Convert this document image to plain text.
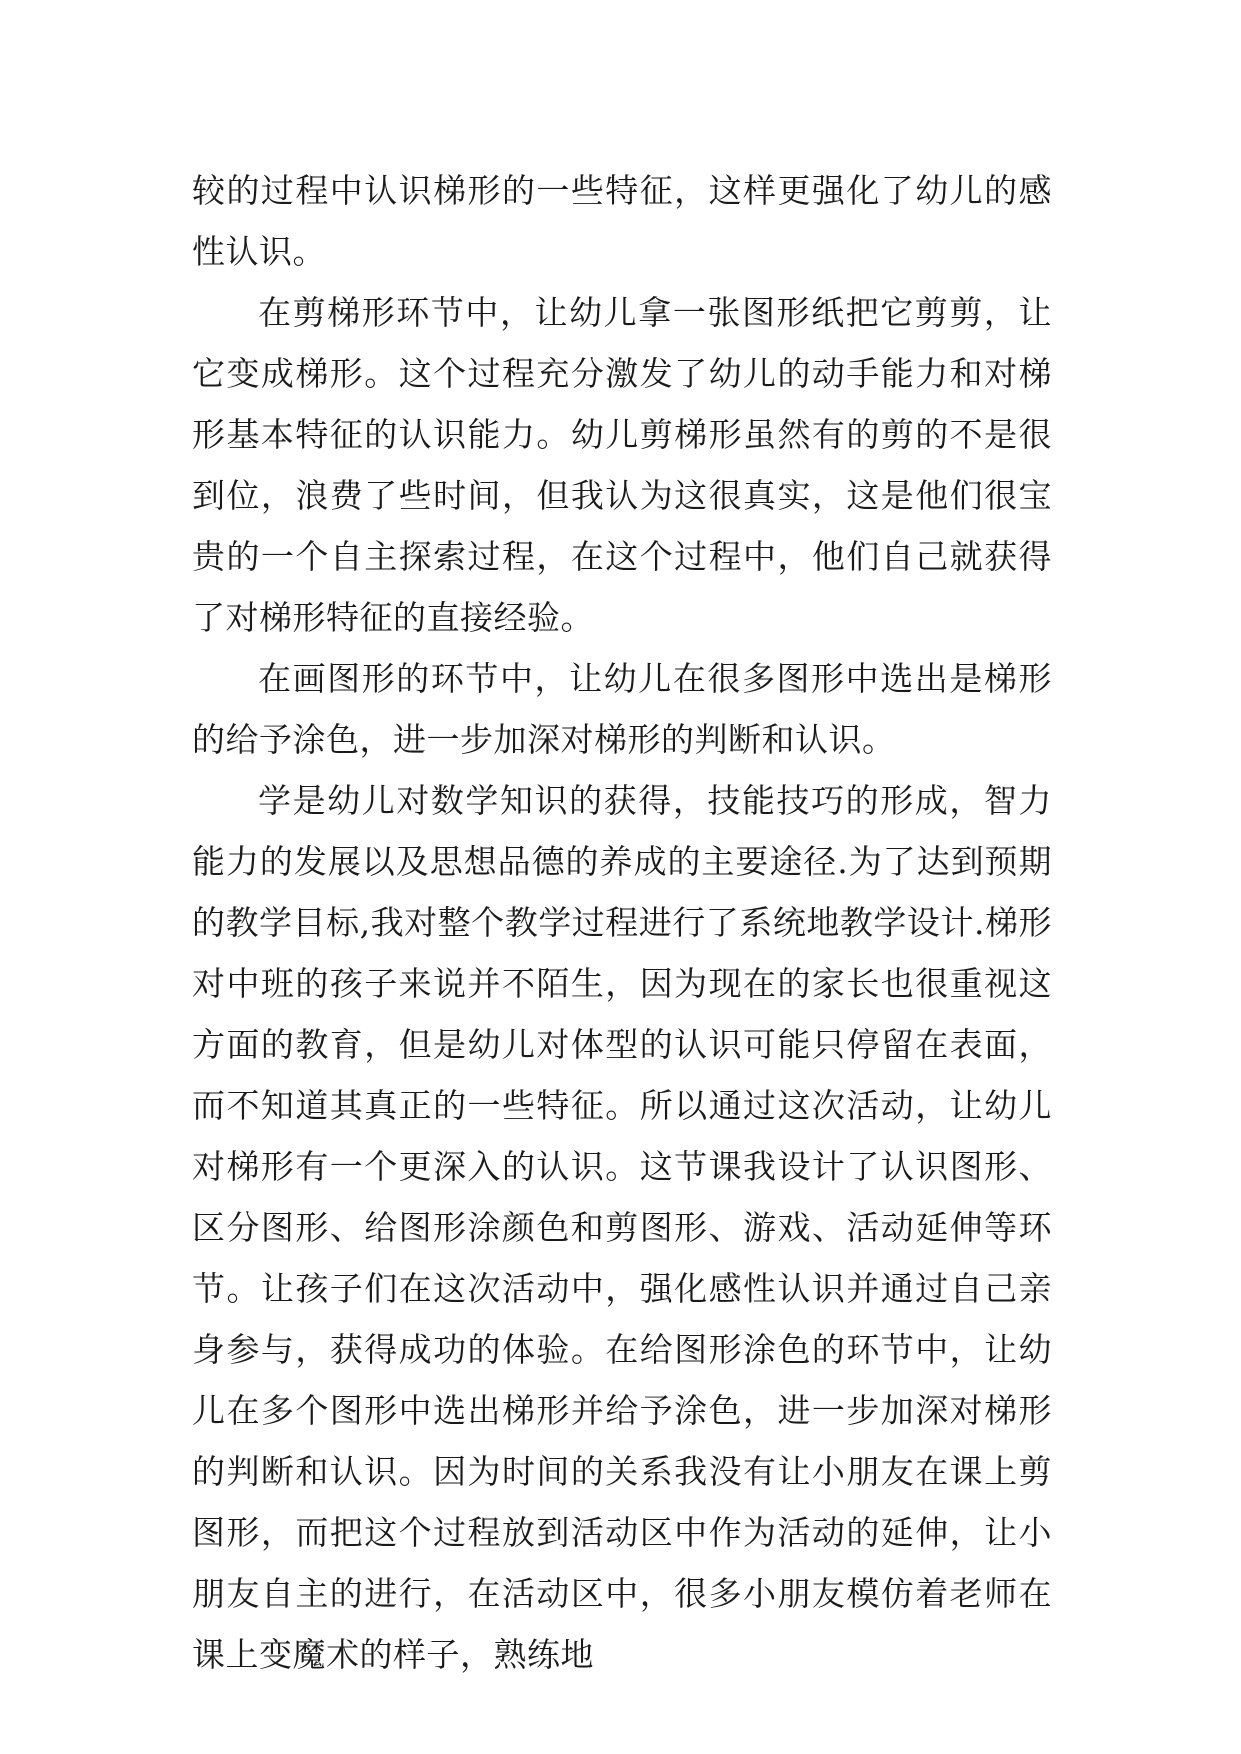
较的过程中认识梯形的一些特征，这样更强化了幼儿的感性认识。

在剪梯形环节中，让幼儿拿一张图形纸把它剪剪，让它变成梯形。这个过程充分激发了幼儿的动手能力和对梯形基本特征的认识能力。幼儿剪梯形虽然有的剪的不是很到位，浪费了些时间，但我认为这很真实，这是他们很宝贵的一个自主探索过程，在这个过程中，他们自己就获得了对梯形特征的直接经验。

在画图形的环节中，让幼儿在很多图形中选出是梯形的给予涂色，进一步加深对梯形的判断和认识。

学是幼儿对数学知识的获得，技能技巧的形成，智力能力的发展以及思想品德的养成的主要途径.为了达到预期的教学目标,我对整个教学过程进行了系统地教学设计.梯形对中班的孩子来说并不陌生，因为现在的家长也很重视这方面的教育，但是幼儿对体型的认识可能只停留在表面，而不知道其真正的一些特征。所以通过这次活动，让幼儿对梯形有一个更深入的认识。这节课我设计了认识图形、区分图形、给图形涂颜色和剪图形、游戏、活动延伸等环节。让孩子们在这次活动中，强化感性认识并通过自己亲身参与，获得成功的体验。在给图形涂色的环节中，让幼儿在多个图形中选出梯形并给予涂色，进一步加深对梯形的判断和认识。因为时间的关系我没有让小朋友在课上剪图形，而把这个过程放到活动区中作为活动的延伸，让小朋友自主的进行，在活动区中，很多小朋友模仿着老师在课上变魔术的样子，熟练地
